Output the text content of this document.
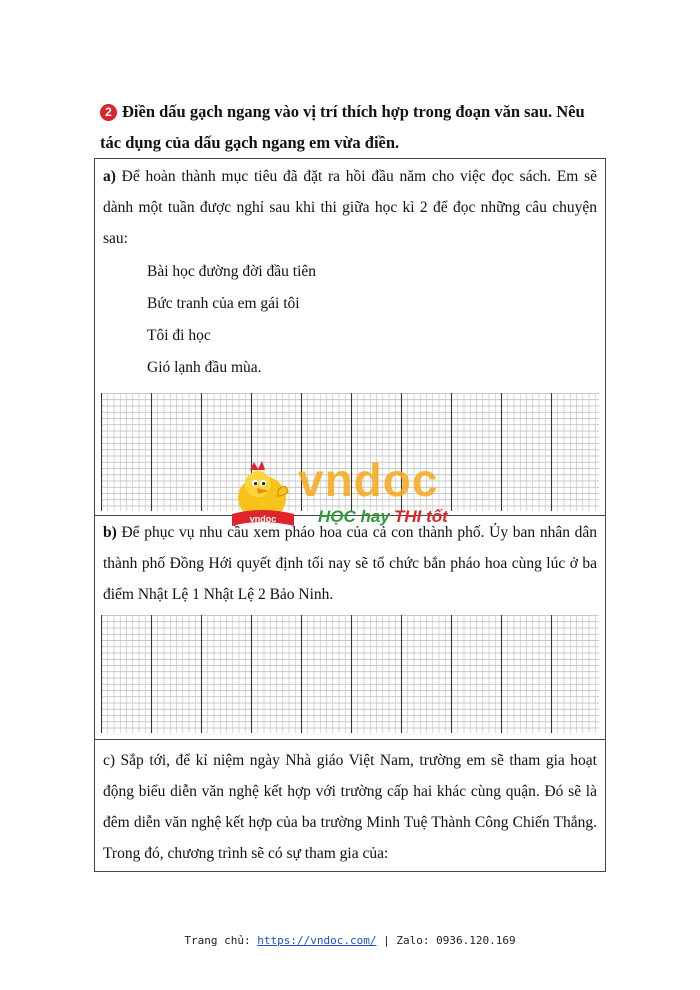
2 Điền dấu gạch ngang vào vị trí thích hợp trong đoạn văn sau. Nêu tác dụng của dấu gạch ngang em vừa điền.
a) Để hoàn thành mục tiêu đã đặt ra hồi đầu năm cho việc đọc sách. Em sẽ dành một tuần được nghỉ sau khi thi giữa học kì 2 để đọc những câu chuyện sau:
Bài học đường đời đầu tiên
Bức tranh của em gái tôi
Tôi đi học
Gió lạnh đầu mùa.
b) Để phục vụ nhu cầu xem pháo hoa của cả con thành phố. Ủy ban nhân dân thành phố Đồng Hới quyết định tối nay sẽ tổ chức bắn pháo hoa cùng lúc ở ba điểm Nhật Lệ 1 Nhật Lệ 2 Bảo Ninh.
c) Sắp tới, để kỉ niệm ngày Nhà giáo Việt Nam, trường em sẽ tham gia hoạt động biểu diễn văn nghệ kết hợp với trường cấp hai khác cùng quận. Đó sẽ là đêm diễn văn nghệ kết hợp của ba trường Minh Tuệ Thành Công Chiến Thắng. Trong đó, chương trình sẽ có sự tham gia của:
vndoc
vndoc
HỌC hay THI tốt
Trang chủ: https://vndoc.com/ | Zalo: 0936.120.169
